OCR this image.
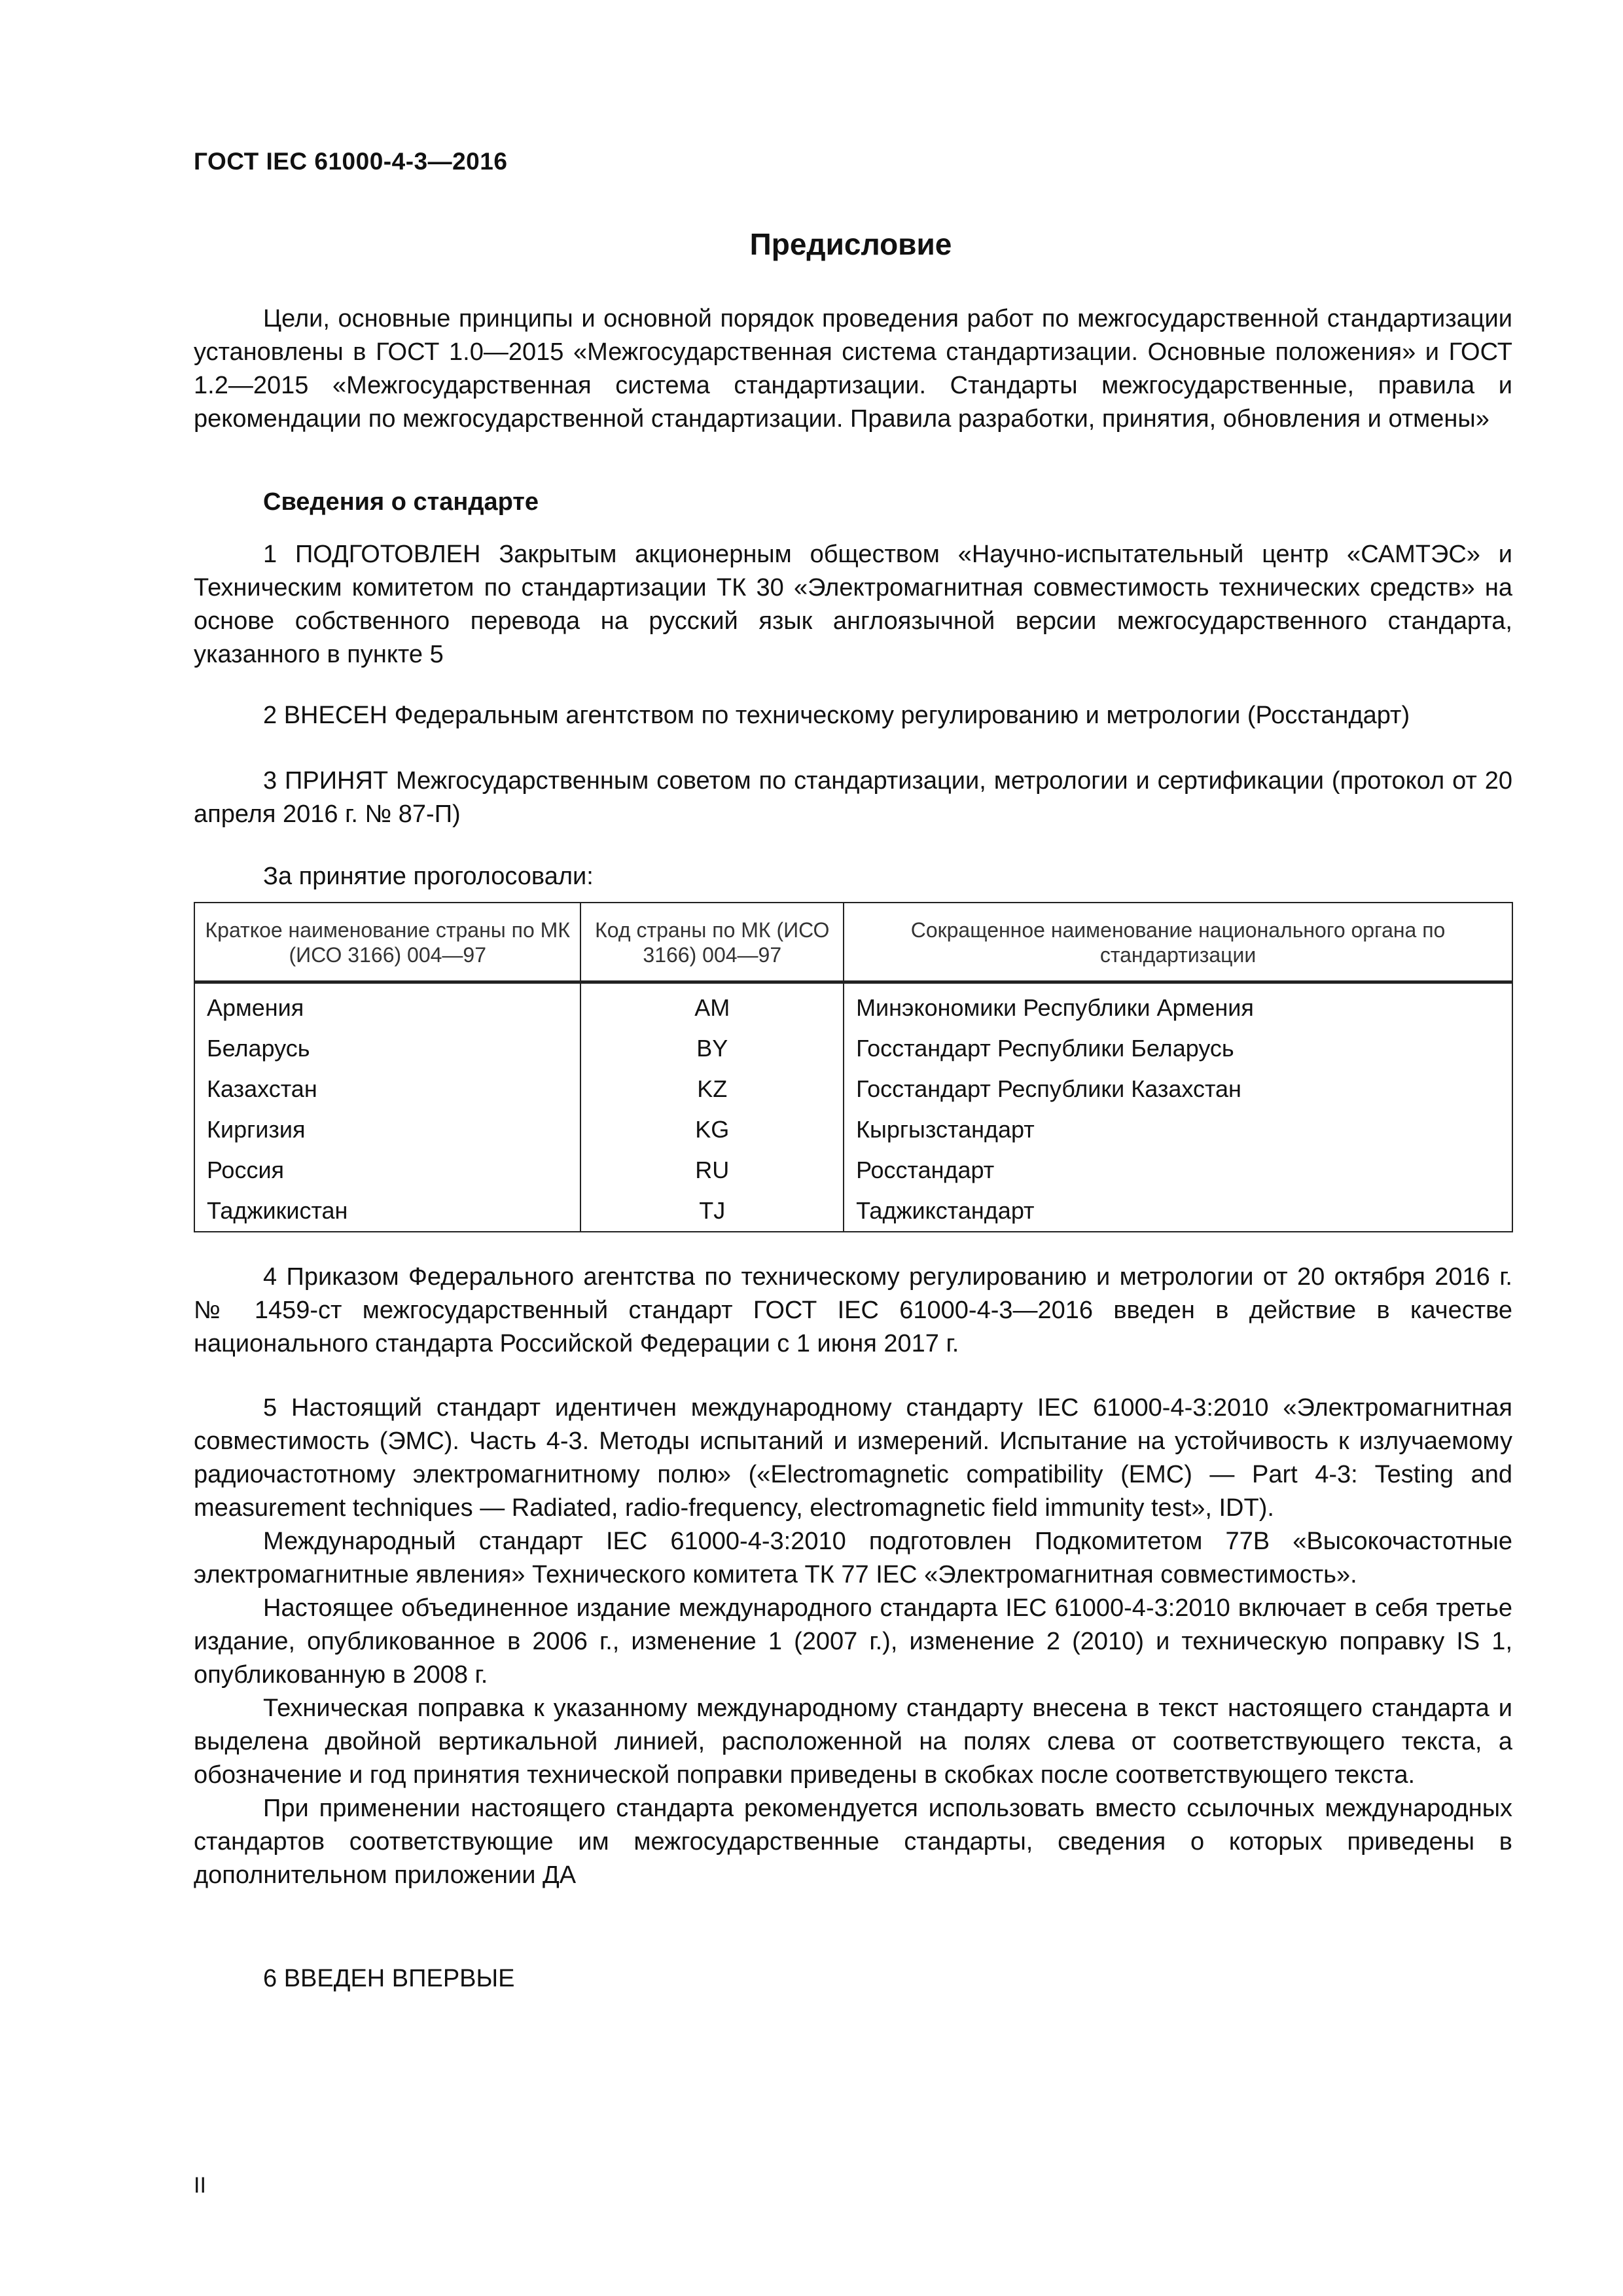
ГОСТ IEC 61000-4-3—2016
Предисловие
Цели, основные принципы и основной порядок проведения работ по межгосударственной стандартизации установлены в ГОСТ 1.0—2015 «Межгосударственная система стандартизации. Основные положения» и ГОСТ 1.2—2015 «Межгосударственная система стандартизации. Стандарты межгосударственные, правила и рекомендации по межгосударственной стандартизации. Правила разработки, принятия, обновления и отмены»
Сведения о стандарте
1 ПОДГОТОВЛЕН Закрытым акционерным обществом «Научно-испытательный центр «САМТЭС» и Техническим комитетом по стандартизации ТК 30 «Электромагнитная совместимость технических средств» на основе собственного перевода на русский язык англоязычной версии межгосударственного стандарта, указанного в пункте 5
2 ВНЕСЕН Федеральным агентством по техническому регулированию и метрологии (Росстандарт)
3 ПРИНЯТ Межгосударственным советом по стандартизации, метрологии и сертификации (протокол от 20 апреля 2016 г. № 87-П)
За принятие проголосовали:
Краткое наименование страны по МК (ИСО 3166) 004—97	Код страны по МК (ИСО 3166) 004—97	Сокращенное наименование национального органа по стандартизации
Армения	AM	Минэкономики Республики Армения
Беларусь	BY	Госстандарт Республики Беларусь
Казахстан	KZ	Госстандарт Республики Казахстан
Киргизия	KG	Кыргызстандарт
Россия	RU	Росстандарт
Таджикистан	TJ	Таджикстандарт
4 Приказом Федерального агентства по техническому регулированию и метрологии от 20 октября 2016 г. № 1459-ст межгосударственный стандарт ГОСТ IEC 61000-4-3—2016 введен в действие в качестве национального стандарта Российской Федерации с 1 июня 2017 г.
5 Настоящий стандарт идентичен международному стандарту IEC 61000-4-3:2010 «Электромагнитная совместимость (ЭМС). Часть 4-3. Методы испытаний и измерений. Испытание на устойчивость к излучаемому радиочастотному электромагнитному полю» («Electromagnetic compatibility (EMC) — Part 4-3: Testing and measurement techniques — Radiated, radio-frequency, electromagnetic field immunity test», IDT).
Международный стандарт IEC 61000-4-3:2010 подготовлен Подкомитетом 77B «Высокочастотные электромагнитные явления» Технического комитета ТК 77 IEC «Электромагнитная совместимость».
Настоящее объединенное издание международного стандарта IEC 61000-4-3:2010 включает в себя третье издание, опубликованное в 2006 г., изменение 1 (2007 г.), изменение 2 (2010) и техническую поправку IS 1, опубликованную в 2008 г.
Техническая поправка к указанному международному стандарту внесена в текст настоящего стандарта и выделена двойной вертикальной линией, расположенной на полях слева от соответствующего текста, а обозначение и год принятия технической поправки приведены в скобках после соответствующего текста.
При применении настоящего стандарта рекомендуется использовать вместо ссылочных международных стандартов соответствующие им межгосударственные стандарты, сведения о которых приведены в дополнительном приложении ДА
6 ВВЕДЕН ВПЕРВЫЕ
II
